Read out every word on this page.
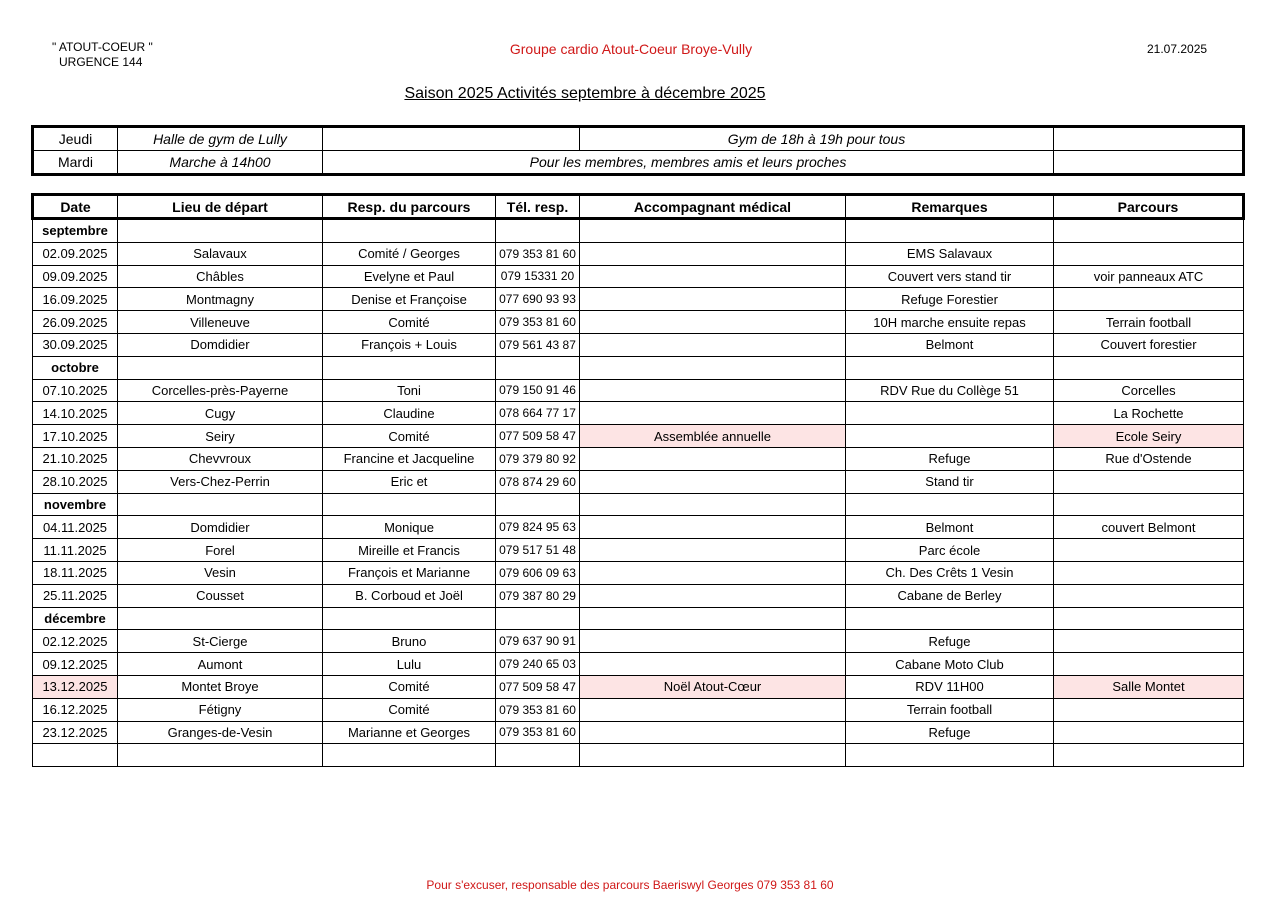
" ATOUT-COEUR "
URGENCE 144
Groupe cardio Atout-Coeur Broye-Vully	21.07.2025
Saison 2025 Activités septembre à décembre 2025
Jeudi	Halle de gym de Lully		Gym de 18h à 19h pour tous	
Mardi	Marche à 14h00	Pour les membres, membres amis et leurs proches		
Date	Lieu de départ	Resp. du parcours	Tél. resp.	Accompagnant médical	Remarques	Parcours
septembre						
02.09.2025	Salavaux	Comité / Georges	079 353 81 60		EMS Salavaux	
09.09.2025	Châbles	Evelyne et Paul	079 15331 20		Couvert vers stand tir	voir panneaux ATC
16.09.2025	Montmagny	Denise et Françoise	077 690 93 93		Refuge Forestier	
26.09.2025	Villeneuve	Comité	079 353 81 60		10H marche ensuite repas	Terrain football
30.09.2025	Domdidier	François + Louis	079 561 43 87		Belmont	Couvert forestier
octobre						
07.10.2025	Corcelles-près-Payerne	Toni	079 150 91 46		RDV Rue du Collège 51	Corcelles
14.10.2025	Cugy	Claudine	078 664 77 17			La Rochette
17.10.2025	Seiry	Comité	077 509 58 47	Assemblée annuelle		Ecole Seiry
21.10.2025	Chevvroux	Francine et Jacqueline	079 379 80 92		Refuge	Rue d'Ostende
28.10.2025	Vers-Chez-Perrin	Eric et	078 874 29 60		Stand tir	
novembre						
04.11.2025	Domdidier	Monique	079 824 95 63		Belmont	couvert Belmont
11.11.2025	Forel	Mireille et Francis	079 517 51 48		Parc école	
18.11.2025	Vesin	François et Marianne	079 606 09 63		Ch. Des Crêts 1 Vesin	
25.11.2025	Cousset	B. Corboud et Joël	079 387 80 29		Cabane de Berley	
décembre						
02.12.2025	St-Cierge	Bruno	079 637 90 91		Refuge	
09.12.2025	Aumont	Lulu	079 240 65 03		Cabane Moto Club	
13.12.2025	Montet Broye	Comité	077 509 58 47	Noël Atout-Cœur	RDV 11H00	Salle Montet
16.12.2025	Fétigny	Comité	079 353 81 60		Terrain football	
23.12.2025	Granges-de-Vesin	Marianne et Georges	079 353 81 60		Refuge	

Pour s'excuser, responsable des parcours Baeriswyl Georges 079 353 81 60
